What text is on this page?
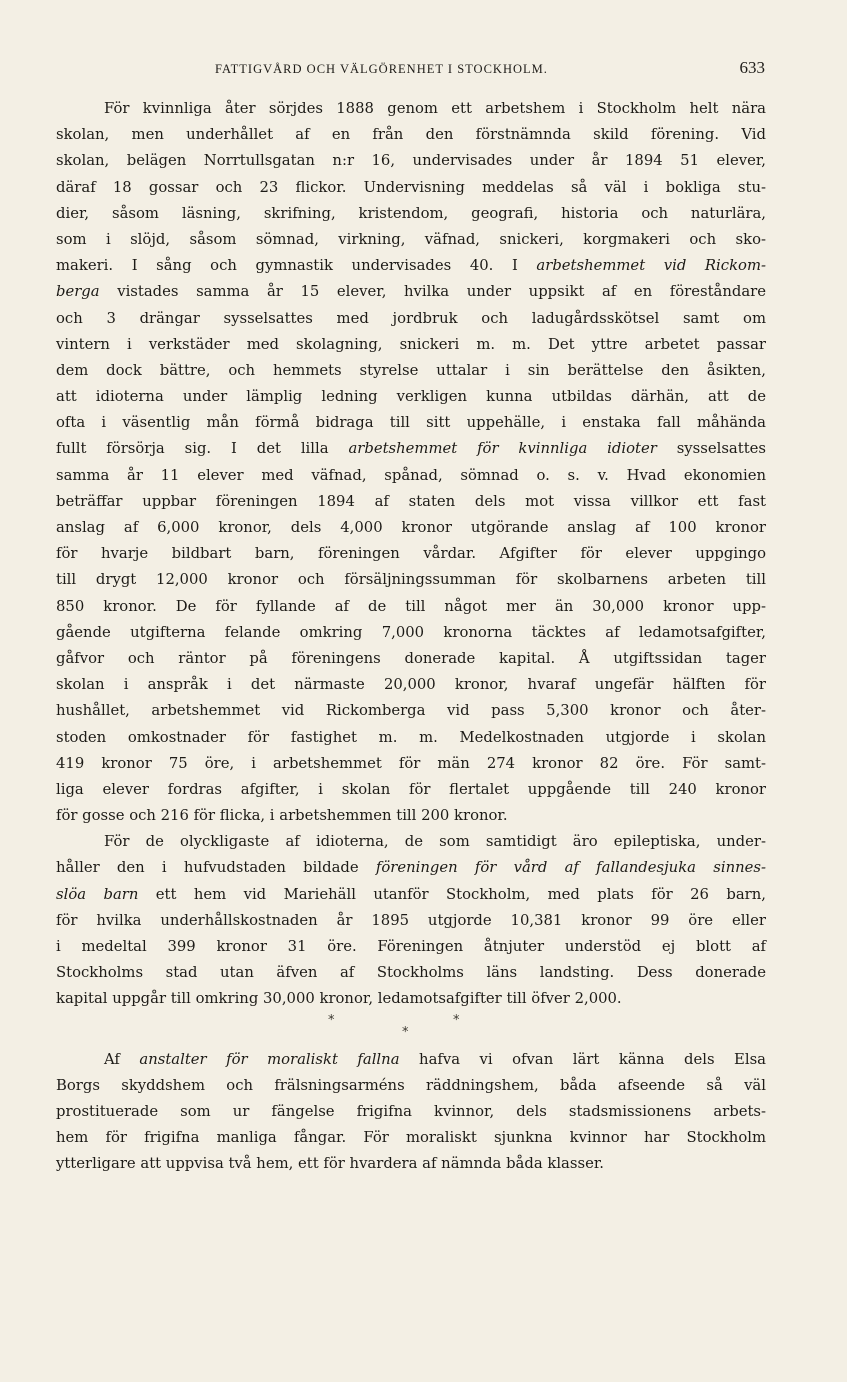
FATTIGVÅRD OCH VÄLGÖRENHET I STOCKHOLM.	633
För kvinnliga åter sörjdes 1888 genom ett arbetshem i Stockholm helt nära
skolan, men underhållet af en från den förstnämnda skild förening. Vid
skolan, belägen Norrtullsgatan n:r 16, undervisades under år 1894 51 elever,
däraf 18 gossar och 23 flickor. Undervisning meddelas så väl i bokliga stu-
dier, såsom läsning, skrifning, kristendom, geografi, historia och naturlära,
som i slöjd, såsom sömnad, virkning, väfnad, snickeri, korgmakeri och sko-
makeri. I sång och gymnastik undervisades 40. I arbetshemmet vid Rickom-
berga vistades samma år 15 elever, hvilka under uppsikt af en föreståndare
och 3 drängar sysselsattes med jordbruk och ladugårdsskötsel samt om
vintern i verkstäder med skolagning, snickeri m. m. Det yttre arbetet passar
dem dock bättre, och hemmets styrelse uttalar i sin berättelse den åsikten,
att idioterna under lämplig ledning verkligen kunna utbildas därhän, att de
ofta i väsentlig mån förmå bidraga till sitt uppehälle, i enstaka fall måhända
fullt försörja sig. I det lilla arbetshemmet för kvinnliga idioter sysselsattes
samma år 11 elever med väfnad, spånad, sömnad o. s. v. Hvad ekonomien
beträffar uppbar föreningen 1894 af staten dels mot vissa villkor ett fast
anslag af 6,000 kronor, dels 4,000 kronor utgörande anslag af 100 kronor
för hvarje bildbart barn, föreningen vårdar. Afgifter för elever uppgingo
till drygt 12,000 kronor och försäljningssumman för skolbarnens arbeten till
850 kronor. De för fyllande af de till något mer än 30,000 kronor upp-
gående utgifterna felande omkring 7,000 kronorna täcktes af ledamotsafgifter,
gåfvor och räntor på föreningens donerade kapital. Å utgiftssidan tager
skolan i anspråk i det närmaste 20,000 kronor, hvaraf ungefär hälften för
hushållet, arbetshemmet vid Rickomberga vid pass 5,300 kronor och åter-
stoden omkostnader för fastighet m. m. Medelkostnaden utgjorde i skolan
419 kronor 75 öre, i arbetshemmet för män 274 kronor 82 öre. För samt-
liga elever fordras afgifter, i skolan för flertalet uppgående till 240 kronor
för gosse och 216 för flicka, i arbetshemmen till 200 kronor.
För de olyckligaste af idioterna, de som samtidigt äro epileptiska, under-
håller den i hufvudstaden bildade föreningen för vård af fallandesjuka sinnes-
slöa barn ett hem vid Mariehäll utanför Stockholm, med plats för 26 barn,
för hvilka underhållskostnaden år 1895 utgjorde 10,381 kronor 99 öre eller
i medeltal 399 kronor 31 öre. Föreningen åtnjuter understöd ej blott af
Stockholms stad utan äfven af Stockholms läns landsting. Dess donerade
kapital uppgår till omkring 30,000 kronor, ledamotsafgifter till öfver 2,000.
*	*
*
Af anstalter för moraliskt fallna hafva vi ofvan lärt känna dels Elsa
Borgs skyddshem och frälsningsarméns räddningshem, båda afseende så väl
prostituerade som ur fängelse frigifna kvinnor, dels stadsmissionens arbets-
hem för frigifna manliga fångar. För moraliskt sjunkna kvinnor har Stockholm
ytterligare att uppvisa två hem, ett för hvardera af nämnda båda klasser.
